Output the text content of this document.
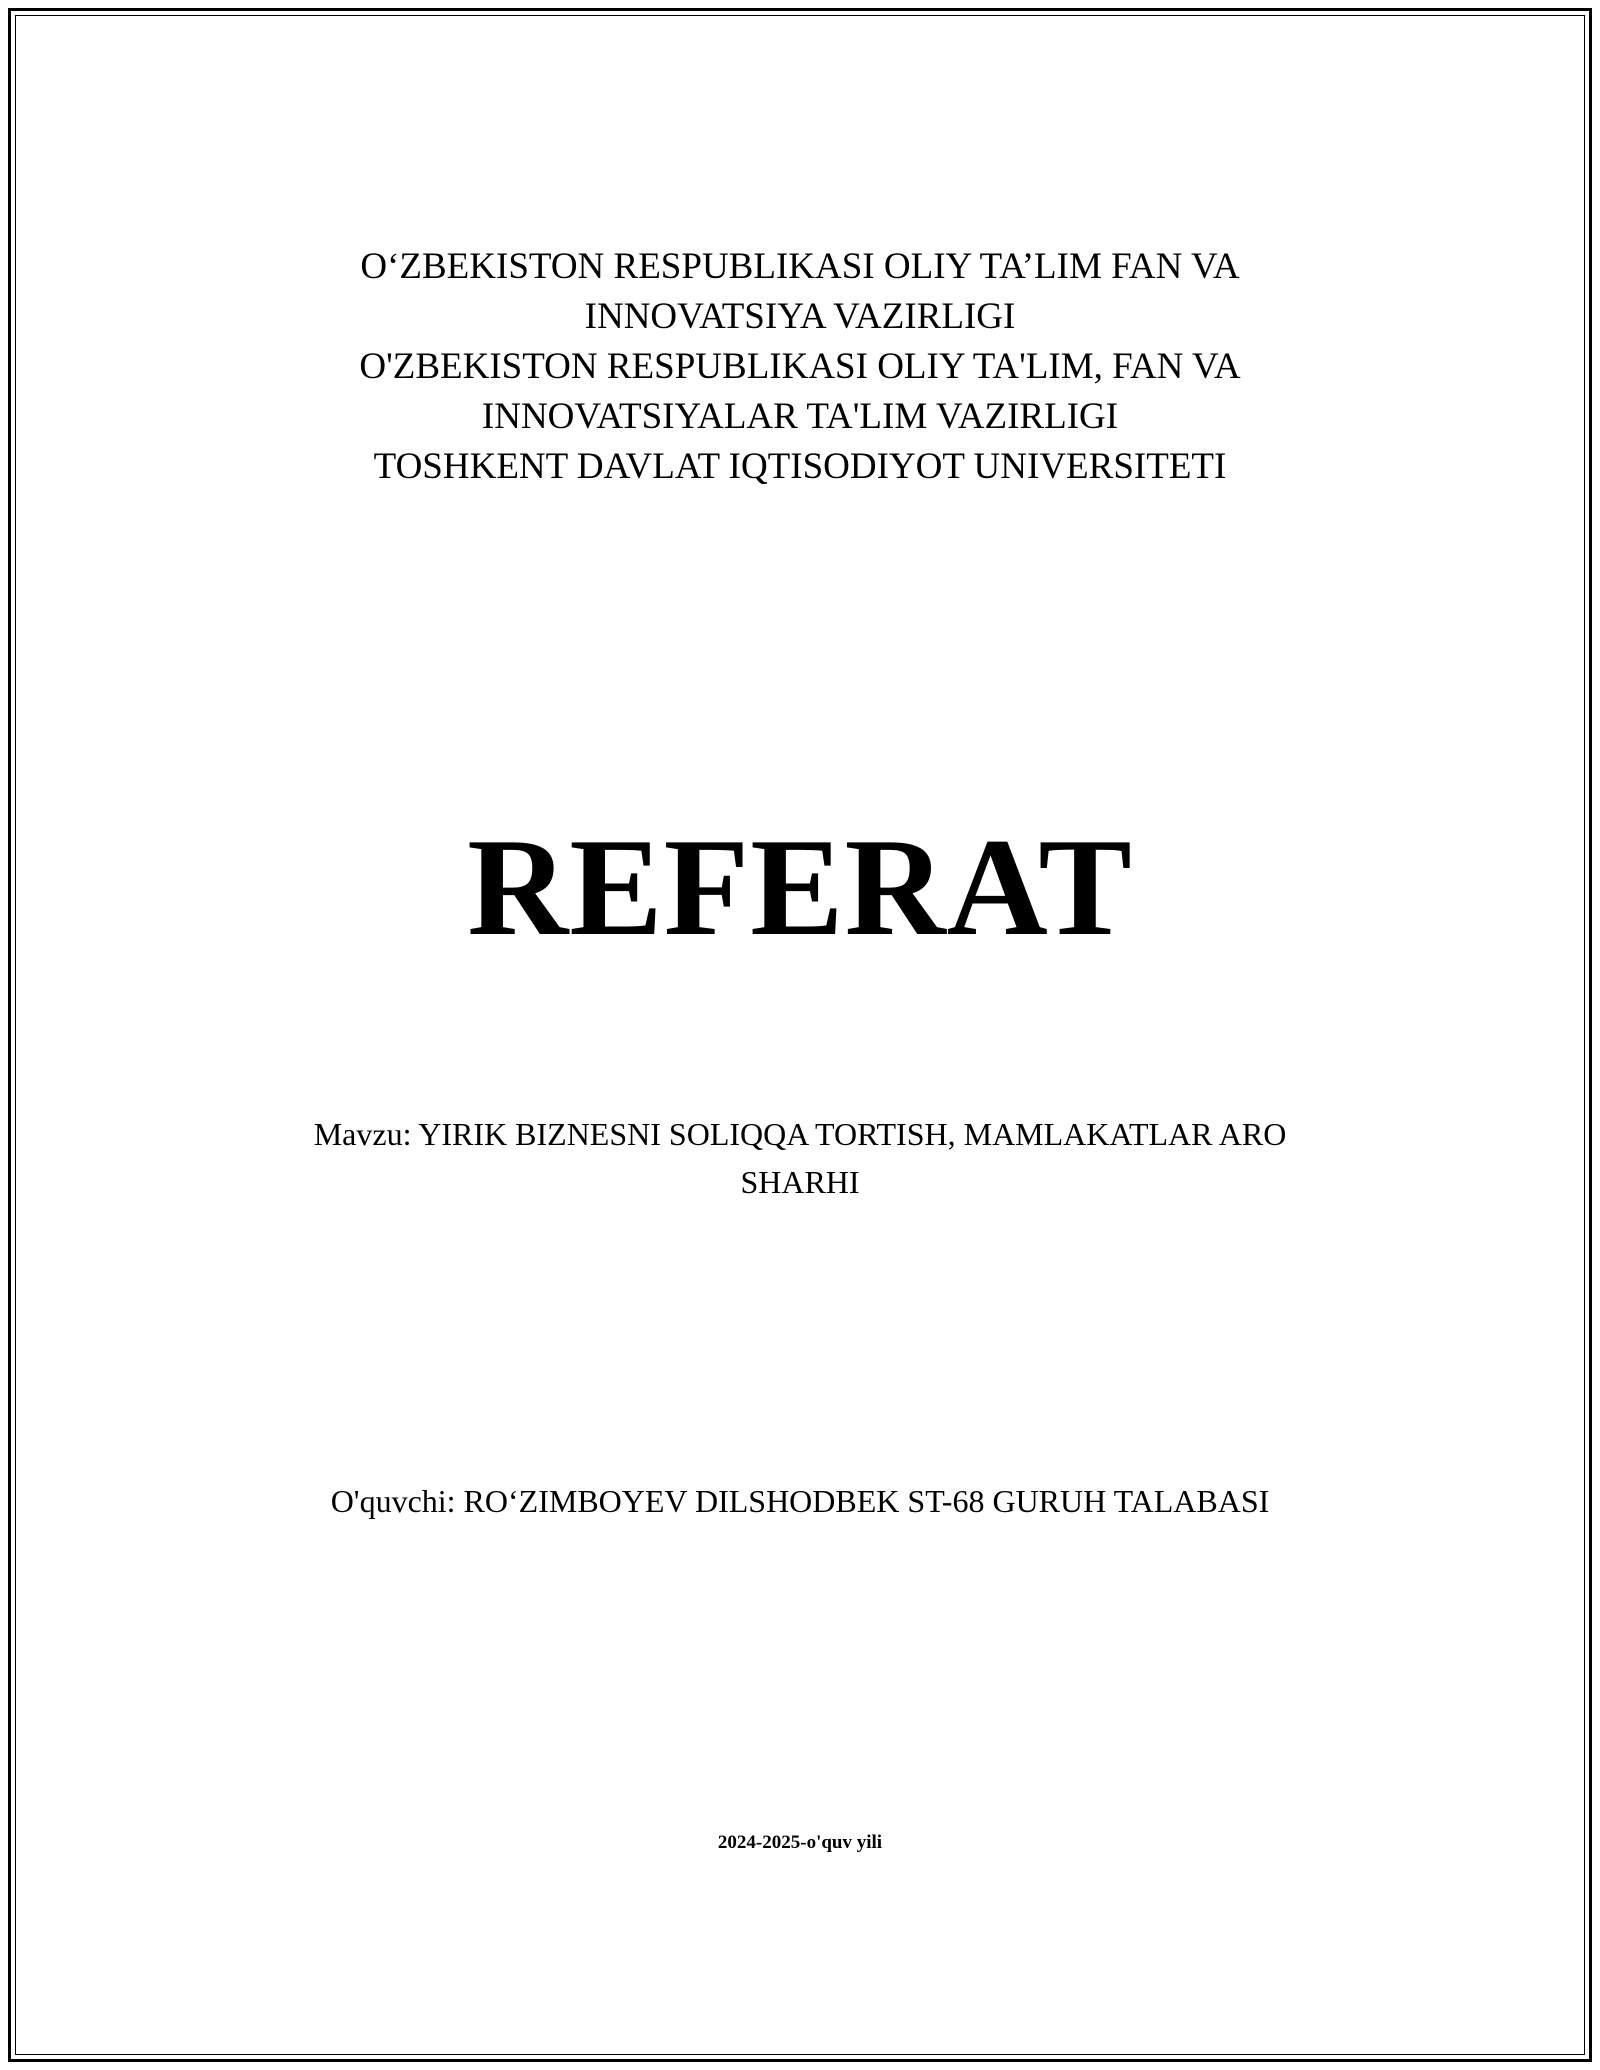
O‘ZBEKISTON RESPUBLIKASI OLIY TA’LIM FAN VA
INNOVATSIYA VAZIRLIGI
O'ZBEKISTON RESPUBLIKASI OLIY TA'LIM, FAN VA
INNOVATSIYALAR TA'LIM VAZIRLIGI
TOSHKENT DAVLAT IQTISODIYOT UNIVERSITETI
REFERAT
Mavzu: YIRIK BIZNESNI SOLIQQA TORTISH, MAMLAKATLAR ARO
SHARHI
O'quvchi: RO‘ZIMBOYEV DILSHODBEK ST-68 GURUH TALABASI
2024-2025-o'quv yili
